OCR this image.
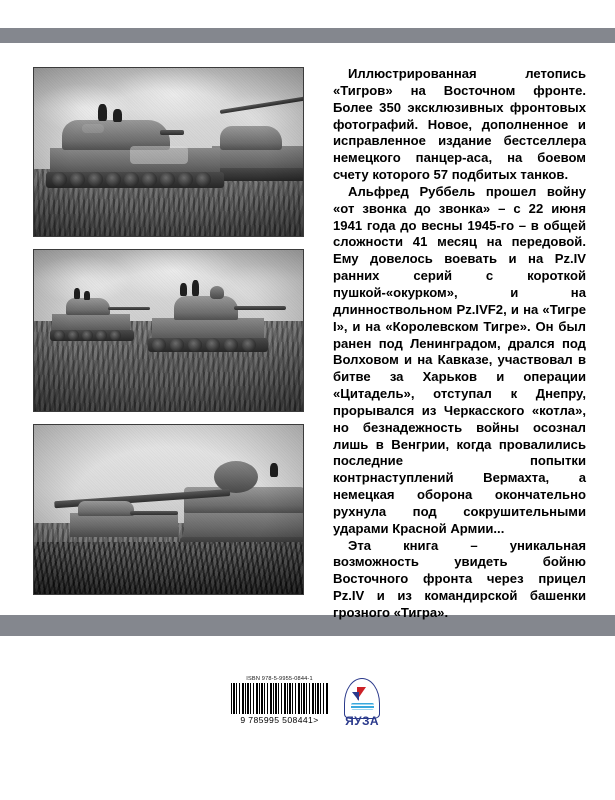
Иллюстрированная летопись «Тигров» на Восточном фронте. Более 350 эксклюзивных фронтовых фотографий. Новое, дополненное и исправленное издание бестселлера немецкого панцер-аса, на боевом счету которого 57 подбитых танков.

Альфред Руббель прошел войну «от звонка до звонка» – с 22 июня 1941 года до весны 1945-го – в общей сложности 41 месяц на передовой. Ему довелось воевать и на Pz.IV ранних серий с короткой пушкой-«окурком», и на длинноствольном Pz.IVF2, и на «Тигре I», и на «Королевском Тигре». Он был ранен под Ленинградом, дрался под Волховом и на Кавказе, участвовал в битве за Харьков и операции «Цитадель», отступал к Днепру, прорывался из Черкасского «котла», но безнадежность войны осознал лишь в Венгрии, когда провалились последние попытки контрнаступлений Вермахта, а немецкая оборона окончательно рухнула под сокрушительными ударами Красной Армии...

Эта книга – уникальная возможность увидеть бойню Восточного фронта через прицел Pz.IV и из командирской башенки грозного «Тигра».

ISBN 978-5-9955-0844-1
9 785995 508441>	ЯУЗА
